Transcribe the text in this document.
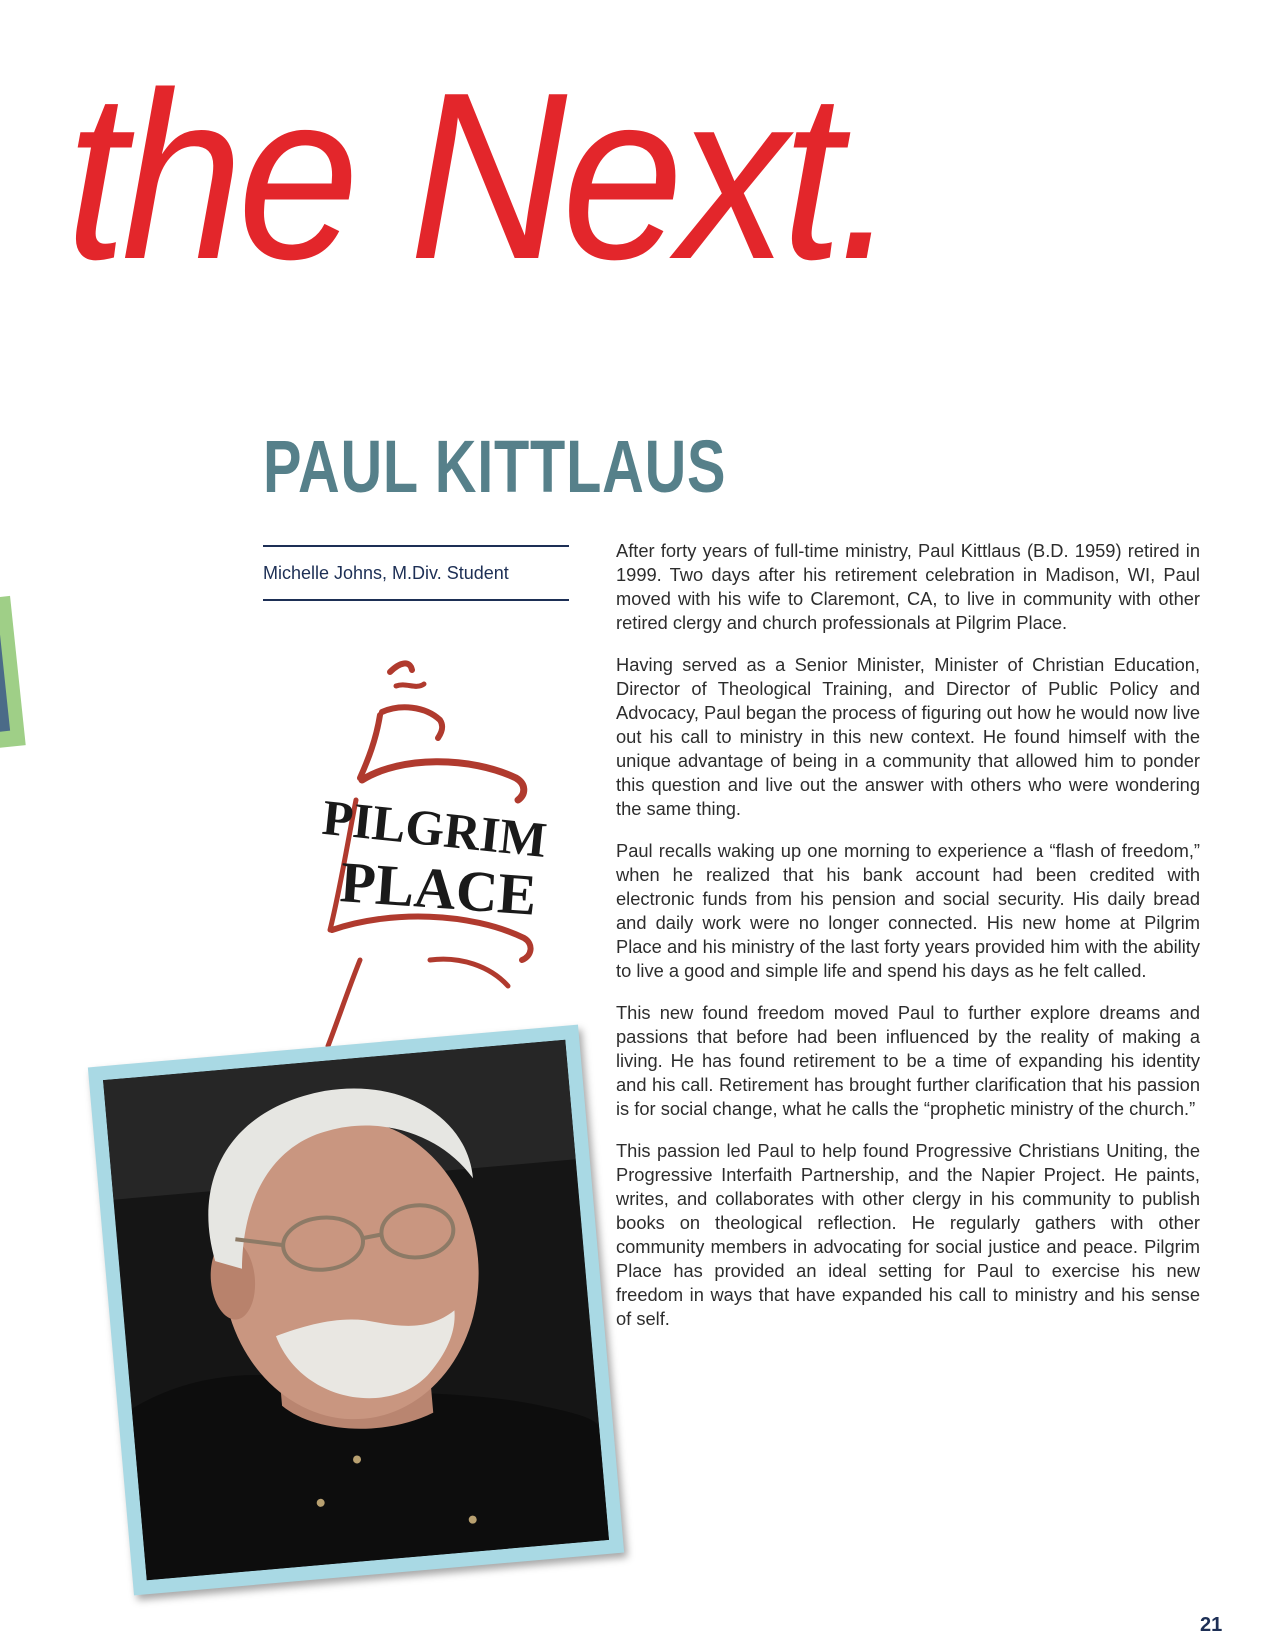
the Next.
PAUL KITTLAUS
Michelle Johns, M.Div. Student

After forty years of full-time ministry, Paul Kittlaus (B.D. 1959) retired in 1999. Two days after his retirement celebration in Madison, WI, Paul moved with his wife to Claremont, CA, to live in community with other retired clergy and church professionals at Pilgrim Place.

Having served as a Senior Minister, Minister of Christian Education, Director of Theological Training, and Director of Public Policy and Advocacy, Paul began the process of figuring out how he would now live out his call to ministry in this new context. He found himself with the unique advantage of being in a community that allowed him to ponder this question and live out the answer with others who were wondering the same thing.

Paul recalls waking up one morning to experience a “flash of freedom,” when he realized that his bank account had been credited with electronic funds from his pension and social security. His daily bread and daily work were no longer connected. His new home at Pilgrim Place and his ministry of the last forty years provided him with the ability to live a good and simple life and spend his days as he felt called.

This new found freedom moved Paul to further explore dreams and passions that before had been influenced by the reality of making a living. He has found retirement to be a time of expanding his identity and his call. Retirement has brought further clarification that his passion is for social change, what he calls the “prophetic ministry of the church.”

This passion led Paul to help found Progressive Christians Uniting, the Progressive Interfaith Partnership, and the Napier Project. He paints, writes, and collaborates with other clergy in his community to publish books on theological reflection. He regularly gathers with other community members in advocating for social justice and peace. Pilgrim Place has provided an ideal setting for Paul to exercise his new freedom in ways that have expanded his call to ministry and his sense of self.

PILGRIM
PLACE
21
